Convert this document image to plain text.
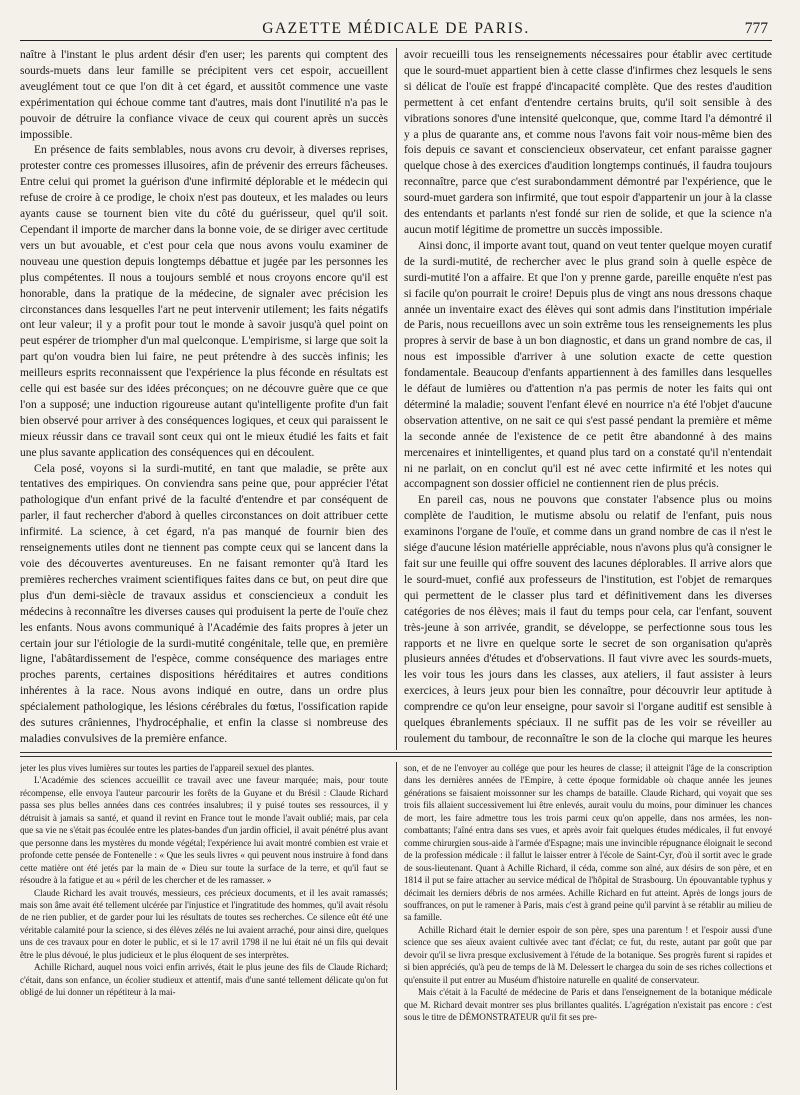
GAZETTE MÉDICALE DE PARIS.	777

naître à l'instant le plus ardent désir d'en user; les parents qui comptent des sourds-muets dans leur famille se précipitent vers cet espoir, accueillent aveuglément tout ce que l'on dit à cet égard, et aussitôt commence une vaste expérimentation qui échoue comme tant d'autres, mais dont l'inutilité n'a pas le pouvoir de détruire la confiance vivace de ceux qui courent après un succès impossible.

En présence de faits semblables, nous avons cru devoir, à diverses reprises, protester contre ces promesses illusoires, afin de prévenir des erreurs fâcheuses. Entre celui qui promet la guérison d'une infirmité déplorable et le médecin qui refuse de croire à ce prodige, le choix n'est pas douteux, et les malades ou leurs ayants cause se tournent bien vite du côté du guérisseur, quel qu'il soit. Cependant il importe de marcher dans la bonne voie, de se diriger avec certitude vers un but avouable, et c'est pour cela que nous avons voulu examiner de nouveau une question depuis longtemps débattue et jugée par les personnes les plus compétentes. Il nous a toujours semblé et nous croyons encore qu'il est honorable, dans la pratique de la médecine, de signaler avec précision les circonstances dans lesquelles l'art ne peut intervenir utilement; les faits négatifs ont leur valeur; il y a profit pour tout le monde à savoir jusqu'à quel point on peut espérer de triompher d'un mal quelconque. L'empirisme, si large que soit la part qu'on voudra bien lui faire, ne peut prétendre à des succès infinis; les meilleurs esprits reconnaissent que l'expérience la plus féconde en résultats est celle qui est basée sur des idées préconçues; on ne découvre guère que ce que l'on a supposé; une induction rigoureuse autant qu'intelligente profite d'un fait bien observé pour arriver à des conséquences logiques, et ceux qui paraissent le mieux réussir dans ce travail sont ceux qui ont le mieux étudié les faits et fait une plus savante application des conséquences qui en découlent.

Cela posé, voyons si la surdi-mutité, en tant que maladie, se prête aux tentatives des empiriques. On conviendra sans peine que, pour apprécier l'état pathologique d'un enfant privé de la faculté d'entendre et par conséquent de parler, il faut rechercher d'abord à quelles circonstances on doit attribuer cette infirmité. La science, à cet égard, n'a pas manqué de fournir bien des renseignements utiles dont ne tiennent pas compte ceux qui se lancent dans la voie des découvertes aventureuses. En ne faisant remonter qu'à Itard les premières recherches vraiment scientifiques faites dans ce but, on peut dire que plus d'un demi-siècle de travaux assidus et consciencieux a conduit les médecins à reconnaître les diverses causes qui produisent la perte de l'ouïe chez les enfants. Nous avons communiqué à l'Académie des faits propres à jeter un certain jour sur l'étiologie de la surdi-mutité congénitale, telle que, en première ligne, l'abâtardissement de l'espèce, comme conséquence des mariages entre proches parents, certaines dispositions héréditaires et autres conditions inhérentes à la race. Nous avons indiqué en outre, dans un ordre plus spécialement pathologique, les lésions cérébrales du fœtus, l'ossification rapide des sutures crâniennes, l'hydrocéphalie, et enfin la classe si nombreuse des maladies convulsives de la première enfance.

avoir recueilli tous les renseignements nécessaires pour établir avec certitude que le sourd-muet appartient bien à cette classe d'infirmes chez lesquels le sens si délicat de l'ouïe est frappé d'incapacité complète. Que des restes d'audition permettent à cet enfant d'entendre certains bruits, qu'il soit sensible à des vibrations sonores d'une intensité quelconque, que, comme Itard l'a démontré il y a plus de quarante ans, et comme nous l'avons fait voir nous-même bien des fois depuis ce savant et consciencieux observateur, cet enfant paraisse gagner quelque chose à des exercices d'audition longtemps continués, il faudra toujours reconnaître, parce que c'est surabondamment démontré par l'expérience, que le sourd-muet gardera son infirmité, que tout espoir d'appartenir un jour à la classe des entendants et parlants n'est fondé sur rien de solide, et que la science n'a aucun motif légitime de promettre un succès impossible.

Ainsi donc, il importe avant tout, quand on veut tenter quelque moyen curatif de la surdi-mutité, de rechercher avec le plus grand soin à quelle espèce de surdi-mutité l'on a affaire. Et que l'on y prenne garde, pareille enquête n'est pas si facile qu'on pourrait le croire! Depuis plus de vingt ans nous dressons chaque année un inventaire exact des élèves qui sont admis dans l'institution impériale de Paris, nous recueillons avec un soin extrême tous les renseignements les plus propres à servir de base à un bon diagnostic, et dans un grand nombre de cas, il nous est impossible d'arriver à une solution exacte de cette question fondamentale. Beaucoup d'enfants appartiennent à des familles dans lesquelles le défaut de lumières ou d'attention n'a pas permis de noter les faits qui ont déterminé la maladie; souvent l'enfant élevé en nourrice n'a été l'objet d'aucune observation attentive, on ne sait ce qui s'est passé pendant la première et même la seconde année de l'existence de ce petit être abandonné à des mains mercenaires et inintelligentes, et quand plus tard on a constaté qu'il n'entendait ni ne parlait, on en conclut qu'il est né avec cette infirmité et les notes qui accompagnent son dossier officiel ne contiennent rien de plus précis.

En pareil cas, nous ne pouvons que constater l'absence plus ou moins complète de l'audition, le mutisme absolu ou relatif de l'enfant, puis nous examinons l'organe de l'ouïe, et comme dans un grand nombre de cas il n'est le siége d'aucune lésion matérielle appréciable, nous n'avons plus qu'à consigner le fait sur une feuille qui offre souvent des lacunes déplorables. Il arrive alors que le sourd-muet, confié aux professeurs de l'institution, est l'objet de remarques qui permettent de le classer plus tard et définitivement dans les diverses catégories de nos élèves; mais il faut du temps pour cela, car l'enfant, souvent très-jeune à son arrivée, grandit, se développe, se perfectionne sous tous les rapports et ne livre en quelque sorte le secret de son organisation qu'après plusieurs années d'études et d'observations. Il faut vivre avec les sourds-muets, les voir tous les jours dans les classes, aux ateliers, il faut assister à leurs exercices, à leurs jeux pour bien les connaître, pour découvrir leur aptitude à comprendre ce qu'on leur enseigne, pour savoir si l'organe auditif est sensible à quelques ébranlements spéciaux. Il ne suffit pas de les voir se réveiller au roulement du tambour, de reconnaître le son de la cloche qui marque les heures

jeter les plus vives lumières sur toutes les parties de l'appareil sexuel des plantes.

L'Académie des sciences accueillit ce travail avec une faveur marquée; mais, pour toute récompense, elle envoya l'auteur parcourir les forêts de la Guyane et du Brésil : Claude Richard passa ses plus belles années dans ces contrées insalubres; il y puisé toutes ses ressources, il y détruisit à jamais sa santé, et quand il revint en France tout le monde l'avait oublié; mais, par cela que sa vie ne s'était pas écoulée entre les plates-bandes d'un jardin officiel, il avait pénétré plus avant que personne dans les mystères du monde végétal; l'expérience lui avait montré combien est vraie et profonde cette pensée de Fontenelle : « Que les seuls livres « qui peuvent nous instruire à fond dans cette matière ont été jetés par la main de « Dieu sur toute la surface de la terre, et qu'il faut se résoudre à la fatigue et au « péril de les chercher et de les ramasser. »

Claude Richard les avait trouvés, messieurs, ces précieux documents, et il les avait ramassés; mais son âme avait été tellement ulcérée par l'injustice et l'ingratitude des hommes, qu'il avait résolu de ne rien publier, et de garder pour lui les résultats de toutes ses recherches. Ce silence eût été une véritable calamité pour la science, si des élèves zélés ne lui avaient arraché, pour ainsi dire, quelques uns de ces travaux pour en doter le public, et si le 17 avril 1798 il ne lui était né un fils qui devait être le plus dévoué, le plus judicieux et le plus éloquent de ses interprètes.

Achille Richard, auquel nous voici enfin arrivés, était le plus jeune des fils de Claude Richard; c'était, dans son enfance, un écolier studieux et attentif, mais d'une santé tellement délicate qu'on fut obligé de lui donner un répétiteur à la mai-

son, et de ne l'envoyer au collége que pour les heures de classe; il atteignit l'âge de la conscription dans les dernières années de l'Empire, à cette époque formidable où chaque année les jeunes générations se faisaient moissonner sur les champs de bataille. Claude Richard, qui voyait que ses trois fils allaient successivement lui être enlevés, aurait voulu du moins, pour diminuer les chances de mort, les faire admettre tous les trois parmi ceux qu'on appelle, dans nos armées, les non-combattants; l'aîné entra dans ses vues, et après avoir fait quelques études médicales, il fut envoyé comme chirurgien sous-aide à l'armée d'Espagne; mais une invincible répugnance éloignait le second de la profession médicale : il fallut le laisser entrer à l'école de Saint-Cyr, d'où il sortit avec le grade de sous-lieutenant. Quant à Achille Richard, il céda, comme son aîné, aux désirs de son père, et en 1814 il put se faire attacher au service médical de l'hôpital de Strasbourg. Un épouvantable typhus y décimait les derniers débris de nos armées. Achille Richard en fut atteint. Après de longs jours de souffrances, on put le ramener à Paris, mais c'est à grand peine qu'il parvint à se rétablir au milieu de sa famille.

Achille Richard était le dernier espoir de son père, spes una parentum ! et l'espoir aussi d'une science que ses aïeux avaient cultivée avec tant d'éclat; ce fut, du reste, autant par goût que par devoir qu'il se livra presque exclusivement à l'étude de la botanique. Ses progrès furent si rapides et si bien appréciés, qu'à peu de temps de là M. Delessert le chargea du soin de ses riches collections et qu'ensuite il put entrer au Muséum d'histoire naturelle en qualité de conservateur.

Mais c'était à la Faculté de médecine de Paris et dans l'enseignement de la botanique médicale que M. Richard devait montrer ses plus brillantes qualités. L'agrégation n'existait pas encore : c'est sous le titre de DÉMONSTRATEUR qu'il fit ses pre-
